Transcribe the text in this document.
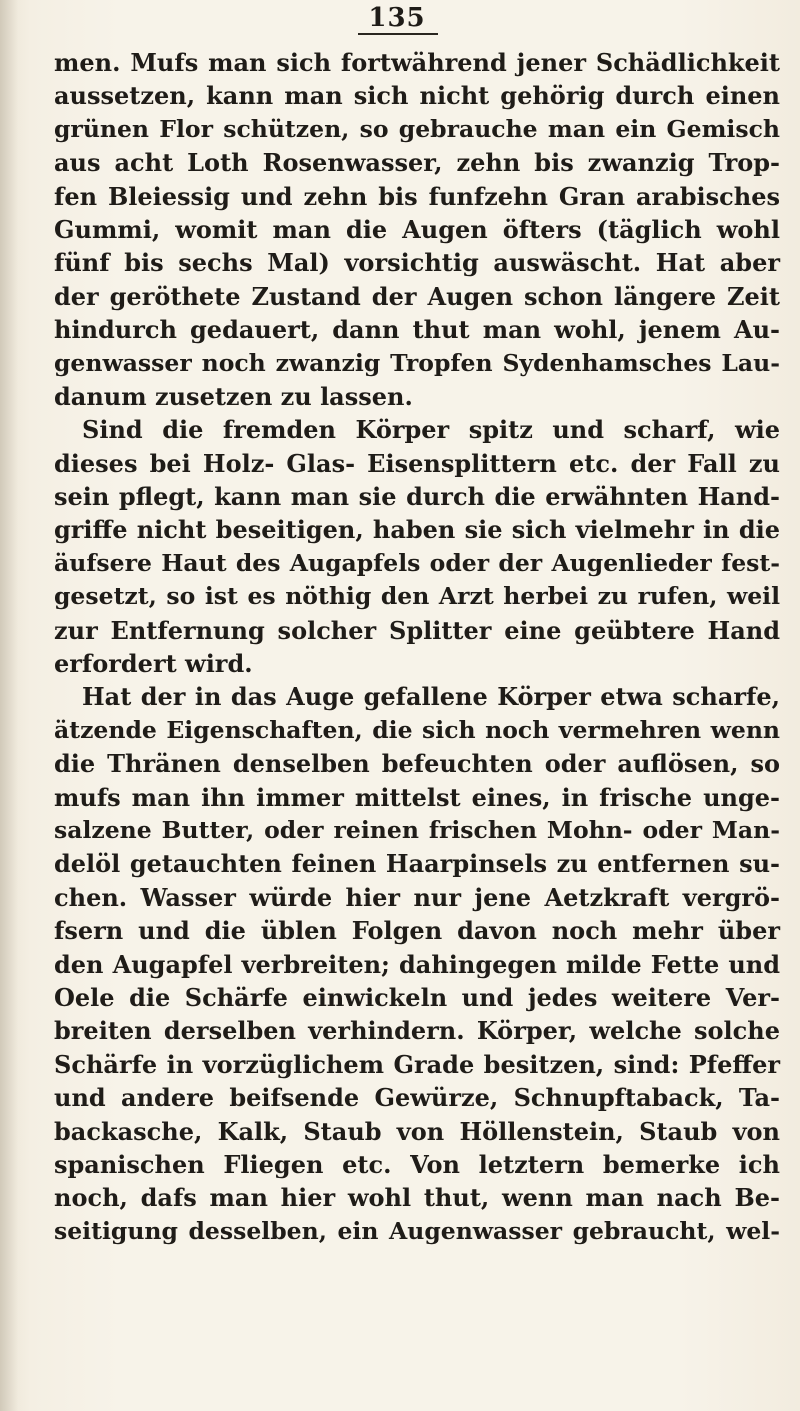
135
men. Mufs man sich fortwährend jener Schädlichkeit
aussetzen, kann man sich nicht gehörig durch einen
grünen Flor schützen, so gebrauche man ein Gemisch
aus acht Loth Rosenwasser, zehn bis zwanzig Trop-
fen Bleiessig und zehn bis funfzehn Gran arabisches
Gummi, womit man die Augen öfters (täglich wohl
fünf bis sechs Mal) vorsichtig auswäscht. Hat aber
der geröthete Zustand der Augen schon längere Zeit
hindurch gedauert, dann thut man wohl, jenem Au-
genwasser noch zwanzig Tropfen Sydenhamsches Lau-
danum zusetzen zu lassen.
Sind die fremden Körper spitz und scharf, wie
dieses bei Holz- Glas- Eisensplittern etc. der Fall zu
sein pflegt, kann man sie durch die erwähnten Hand-
griffe nicht beseitigen, haben sie sich vielmehr in die
äufsere Haut des Augapfels oder der Augenlieder fest-
gesetzt, so ist es nöthig den Arzt herbei zu rufen, weil
zur Entfernung solcher Splitter eine geübtere Hand
erfordert wird.
Hat der in das Auge gefallene Körper etwa scharfe,
ätzende Eigenschaften, die sich noch vermehren wenn
die Thränen denselben befeuchten oder auflösen, so
mufs man ihn immer mittelst eines, in frische unge-
salzene Butter, oder reinen frischen Mohn- oder Man-
delöl getauchten feinen Haarpinsels zu entfernen su-
chen. Wasser würde hier nur jene Aetzkraft vergrö-
fsern und die üblen Folgen davon noch mehr über
den Augapfel verbreiten; dahingegen milde Fette und
Oele die Schärfe einwickeln und jedes weitere Ver-
breiten derselben verhindern. Körper, welche solche
Schärfe in vorzüglichem Grade besitzen, sind: Pfeffer
und andere beifsende Gewürze, Schnupftaback, Ta-
backasche, Kalk, Staub von Höllenstein, Staub von
spanischen Fliegen etc. Von letztern bemerke ich
noch, dafs man hier wohl thut, wenn man nach Be-
seitigung desselben, ein Augenwasser gebraucht, wel-
